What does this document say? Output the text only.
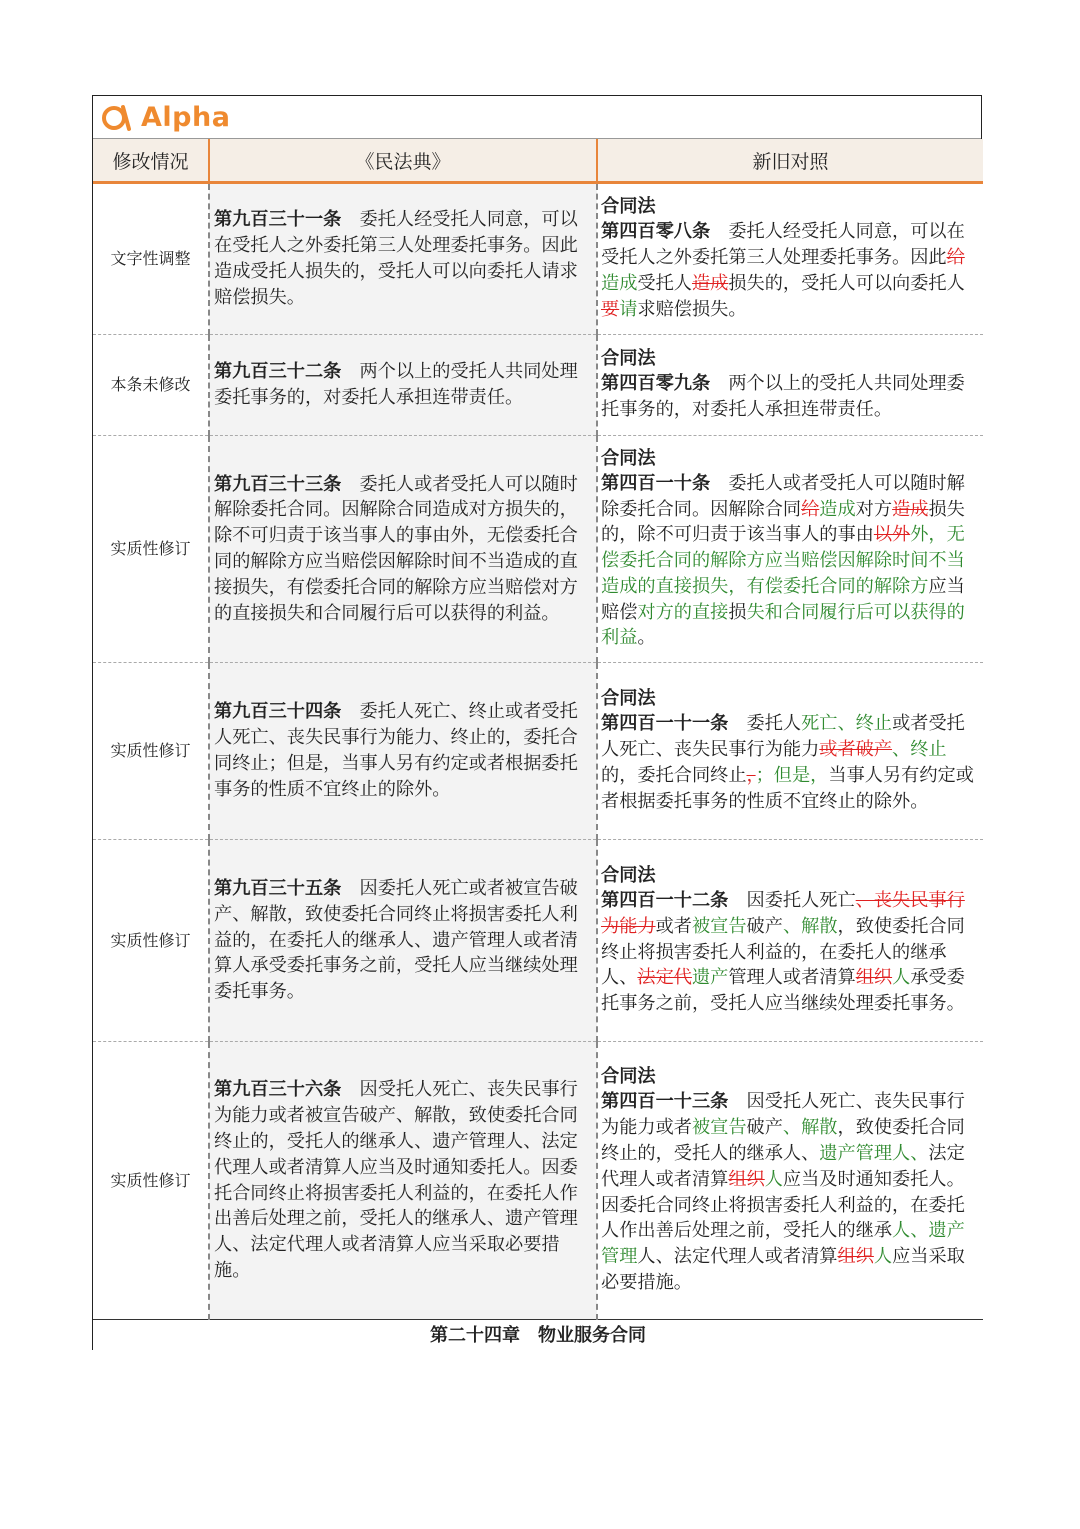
Alpha
修改情况	《民法典》	新旧对照
文字性调整	第九百三十一条　 委托人经受托人同意，可以在受托人之外委托第三人处理委托事务。因此造成受托人损失的，受托人可以向委托人请求赔偿损失。	合同法
第四百零八条　 委托人经受托人同意，可以在受托人之外委托第三人处理委托事务。因此给造成受托人造成损失的，受托人可以向委托人要请求赔偿损失。
本条未修改	第九百三十二条　 两个以上的受托人共同处理委托事务的，对委托人承担连带责任。	合同法
第四百零九条　 两个以上的受托人共同处理委托事务的，对委托人承担连带责任。
实质性修订	第九百三十三条　 委托人或者受托人可以随时解除委托合同。因解除合同造成对方损失的，除不可归责于该当事人的事由外，无偿委托合同的解除方应当赔偿因解除时间不当造成的直接损失，有偿委托合同的解除方应当赔偿对方的直接损失和合同履行后可以获得的利益。	合同法
第四百一十条　 委托人或者受托人可以随时解除委托合同。因解除合同给造成对方造成损失的，除不可归责于该当事人的事由以外外，无偿委托合同的解除方应当赔偿因解除时间不当造成的直接损失，有偿委托合同的解除方应当赔偿对方的直接损失和合同履行后可以获得的利益。
实质性修订	第九百三十四条　 委托人死亡、终止或者受托人死亡、丧失民事行为能力、终止的，委托合同终止；但是，当事人另有约定或者根据委托事务的性质不宜终止的除外。	合同法
第四百一十一条　 委托人死亡、终止或者受托人死亡、丧失民事行为能力或者破产、终止的，委托合同终止，；但是，当事人另有约定或者根据委托事务的性质不宜终止的除外。
实质性修订	第九百三十五条　 因委托人死亡或者被宣告破产、解散，致使委托合同终止将损害委托人利益的，在委托人的继承人、遗产管理人或者清算人承受委托事务之前，受托人应当继续处理委托事务。	合同法
第四百一十二条　 因委托人死亡、丧失民事行为能力或者被宣告破产、解散，致使委托合同终止将损害委托人利益的，在委托人的继承人、法定代遗产管理人或者清算组织人承受委托事务之前，受托人应当继续处理委托事务。
实质性修订	第九百三十六条　 因受托人死亡、丧失民事行为能力或者被宣告破产、解散，致使委托合同终止的，受托人的继承人、遗产管理人、法定代理人或者清算人应当及时通知委托人。因委托合同终止将损害委托人利益的，在委托人作出善后处理之前，受托人的继承人、遗产管理人、法定代理人或者清算人应当采取必要措施。	合同法
第四百一十三条　 因受托人死亡、丧失民事行为能力或者被宣告破产、解散，致使委托合同终止的，受托人的继承人、遗产管理人、法定代理人或者清算组织人应当及时通知委托人。因委托合同终止将损害委托人利益的，在委托人作出善后处理之前，受托人的继承人、遗产管理人、法定代理人或者清算组织人应当采取必要措施。
第二十四章　物业服务合同		
